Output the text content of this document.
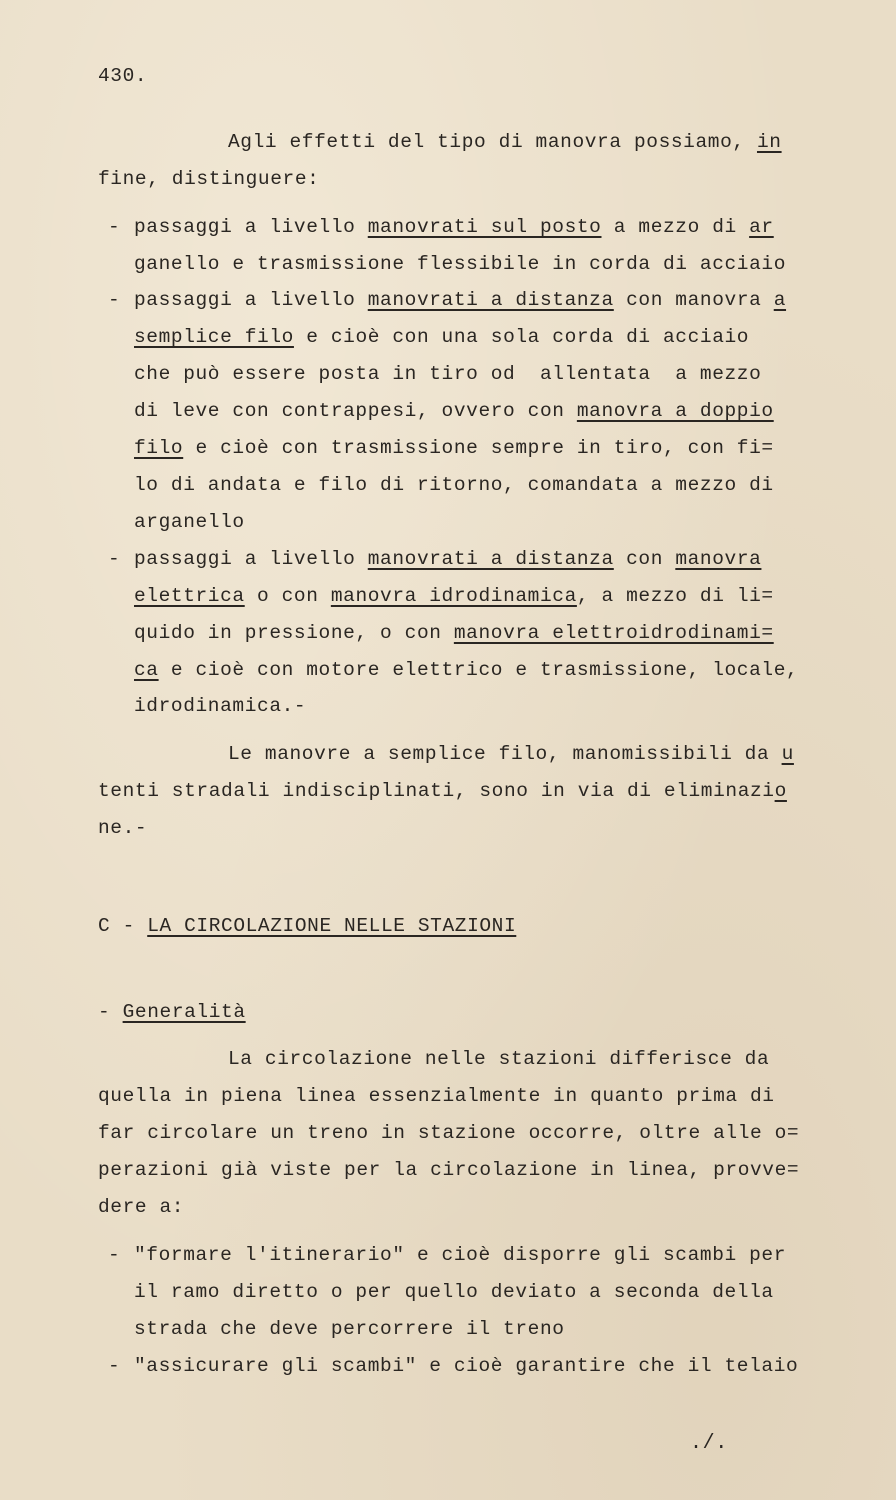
430.
Agli effetti del tipo di manovra possiamo, in
fine, distinguere:
- passaggi a livello manovrati sul posto a mezzo di ar
ganello e trasmissione flessibile in corda di acciaio
- passaggi a livello manovrati a distanza con manovra a
semplice filo e cioè con una sola corda di acciaio
che può essere posta in tiro od  allentata  a mezzo
di leve con contrappesi, ovvero con manovra a doppio
filo e cioè con trasmissione sempre in tiro, con fi=
lo di andata e filo di ritorno, comandata a mezzo di
arganello
- passaggi a livello manovrati a distanza con manovra
elettrica o con manovra idrodinamica, a mezzo di li=
quido in pressione, o con manovra elettroidrodinami=
ca e cioè con motore elettrico e trasmissione, locale,
idrodinamica.-
Le manovre a semplice filo, manomissibili da u
tenti stradali indisciplinati, sono in via di eliminazio
ne.-
C - LA CIRCOLAZIONE NELLE STAZIONI
- Generalità
La circolazione nelle stazioni differisce da
quella in piena linea essenzialmente in quanto prima di
far circolare un treno in stazione occorre, oltre alle o=
perazioni già viste per la circolazione in linea, provve=
dere a:
- "formare l'itinerario" e cioè disporre gli scambi per
il ramo diretto o per quello deviato a seconda della
strada che deve percorrere il treno
- "assicurare gli scambi" e cioè garantire che il telaio
./.
